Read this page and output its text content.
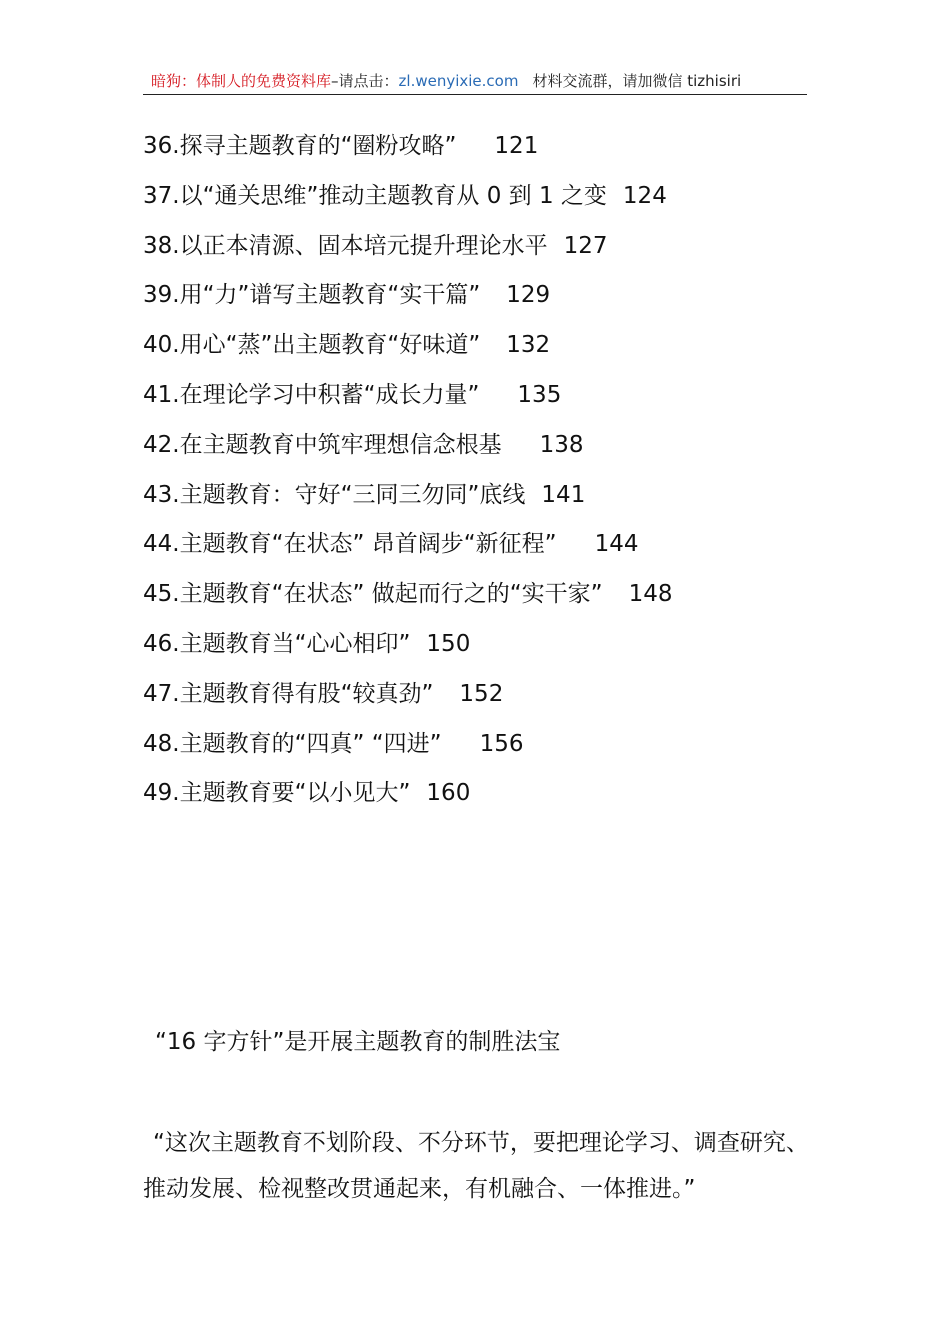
暗狗：体制人的免费资料库–请点击：zl.wenyixie.com 材料交流群，请加微信 tizhisiri
36.探寻主题教育的“圈粉攻略” 121
37.以“通关思维”推动主题教育从 0 到 1 之变 124
38.以正本清源、固本培元提升理论水平 127
39.用“力”谱写主题教育“实干篇” 129
40.用心“蒸”出主题教育“好味道” 132
41.在理论学习中积蓄“成长力量” 135
42.在主题教育中筑牢理想信念根基 138
43.主题教育：守好“三同三勿同”底线 141
44.主题教育“在状态” 昂首阔步“新征程” 144
45.主题教育“在状态” 做起而行之的“实干家” 148
46.主题教育当“心心相印” 150
47.主题教育得有股“较真劲” 152
48.主题教育的“四真” “四进” 156
49.主题教育要“以小见大” 160
“16 字方针”是开展主题教育的制胜法宝
“这次主题教育不划阶段、不分环节，要把理论学习、调查研究、推动发展、检视整改贯通起来，有机融合、一体推进。”
